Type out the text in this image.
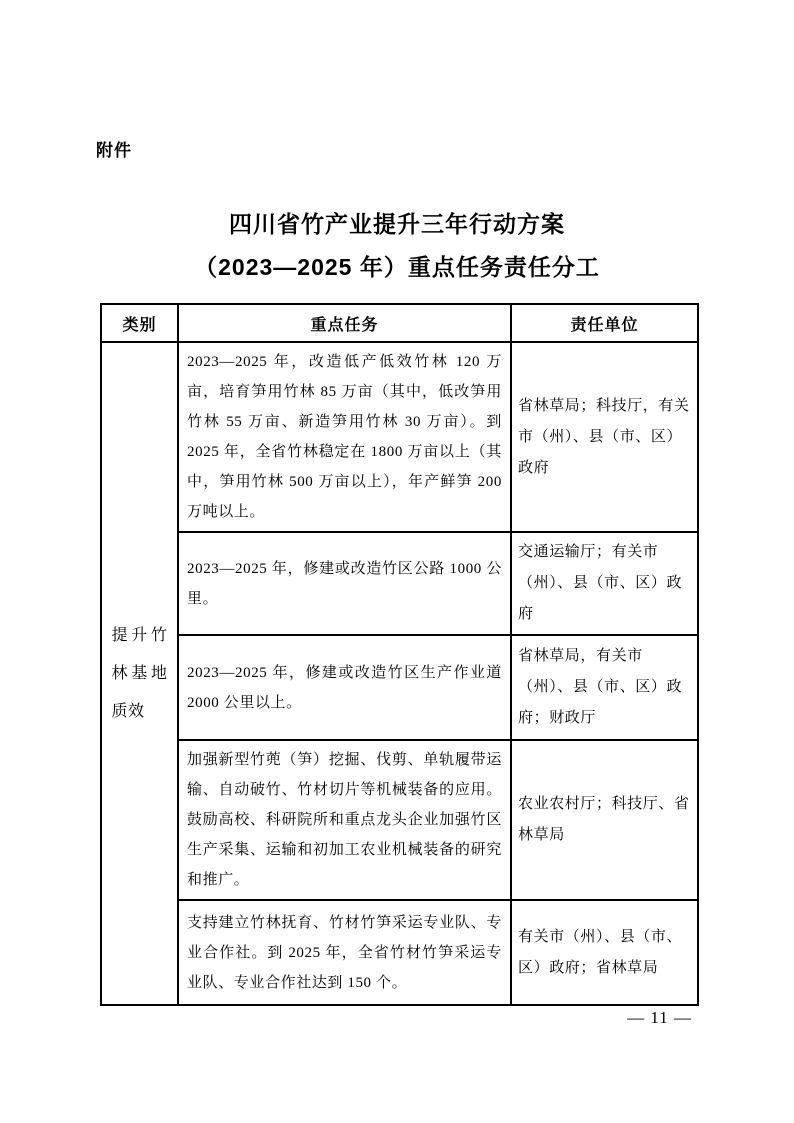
附件
四川省竹产业提升三年行动方案
（2023—2025 年）重点任务责任分工
类别	重点任务	责任单位

提升竹林基地质效	2023—2025 年，改造低产低效竹林 120 万亩，培育笋用竹林 85 万亩（其中，低改笋用竹林 55 万亩、新造笋用竹林 30 万亩）。到 2025 年，全省竹林稳定在 1800 万亩以上（其中，笋用竹林 500 万亩以上），年产鲜笋 200 万吨以上。	省林草局；科技厅，有关市（州）、县（市、区）政府

	2023—2025 年，修建或改造竹区公路 1000 公里。	交通运输厅；有关市（州）、县（市、区）政府

	2023—2025 年，修建或改造竹区生产作业道 2000 公里以上。	省林草局，有关市（州）、县（市、区）政府；财政厅

	加强新型竹蔸（笋）挖掘、伐剪、单轨履带运输、自动破竹、竹材切片等机械装备的应用。鼓励高校、科研院所和重点龙头企业加强竹区生产采集、运输和初加工农业机械装备的研究和推广。	农业农村厅；科技厅、省林草局

	支持建立竹林抚育、竹材竹笋采运专业队、专业合作社。到 2025 年，全省竹材竹笋采运专业队、专业合作社达到 150 个。	有关市（州）、县（市、区）政府；省林草局
— 11 —
